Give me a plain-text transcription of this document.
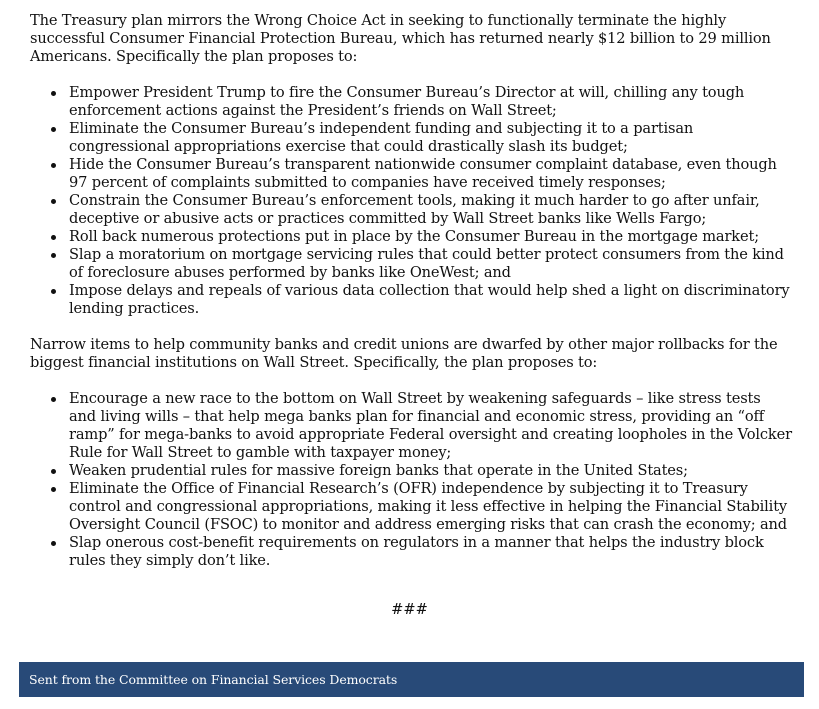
The Treasury plan mirrors the Wrong Choice Act in seeking to functionally terminate the highly successful Consumer Financial Protection Bureau, which has returned nearly $12 billion to 29 million Americans. Specifically the plan proposes to:

Empower President Trump to fire the Consumer Bureau’s Director at will, chilling any tough enforcement actions against the President’s friends on Wall Street;
Eliminate the Consumer Bureau’s independent funding and subjecting it to a partisan congressional appropriations exercise that could drastically slash its budget;
Hide the Consumer Bureau’s transparent nationwide consumer complaint database, even though 97 percent of complaints submitted to companies have received timely responses;
Constrain the Consumer Bureau’s enforcement tools, making it much harder to go after unfair, deceptive or abusive acts or practices committed by Wall Street banks like Wells Fargo;
Roll back numerous protections put in place by the Consumer Bureau in the mortgage market;
Slap a moratorium on mortgage servicing rules that could better protect consumers from the kind of foreclosure abuses performed by banks like OneWest; and
Impose delays and repeals of various data collection that would help shed a light on discriminatory lending practices.

Narrow items to help community banks and credit unions are dwarfed by other major rollbacks for the biggest financial institutions on Wall Street. Specifically, the plan proposes to:

Encourage a new race to the bottom on Wall Street by weakening safeguards – like stress tests and living wills – that help mega banks plan for financial and economic stress, providing an “off ramp” for mega-banks to avoid appropriate Federal oversight and creating loopholes in the Volcker Rule for Wall Street to gamble with taxpayer money;
Weaken prudential rules for massive foreign banks that operate in the United States;
Eliminate the Office of Financial Research’s (OFR) independence by subjecting it to Treasury control and congressional appropriations, making it less effective in helping the Financial Stability Oversight Council (FSOC) to monitor and address emerging risks that can crash the economy; and
Slap onerous cost-benefit requirements on regulators in a manner that helps the industry block rules they simply don’t like.
###
Sent from the Committee on Financial Services Democrats
